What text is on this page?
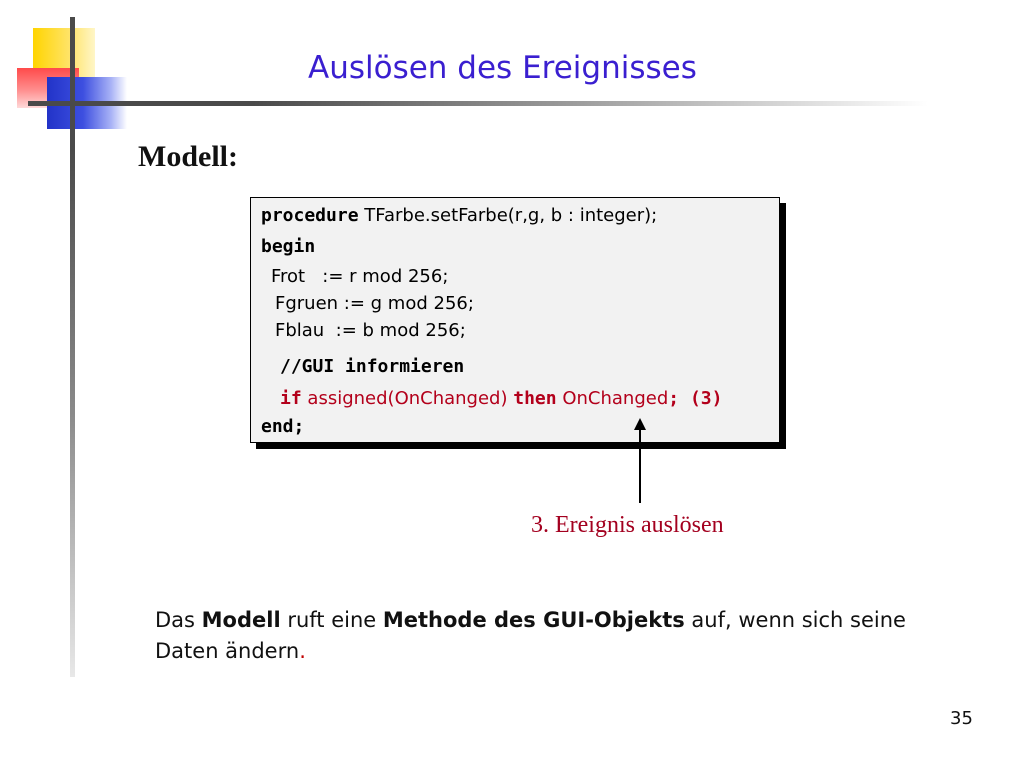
Auslösen des Ereignisses
Modell:
procedure TFarbe.setFarbe(r,g, b : integer);
begin
Frot   := r mod 256;
Fgruen := g mod 256;
Fblau  := b mod 256;
//GUI informieren
if assigned(OnChanged) then OnChanged; (3)
end;
3. Ereignis auslösen
Das Modell ruft eine Methode des GUI-Objekts auf, wenn sich seine Daten ändern.
35
